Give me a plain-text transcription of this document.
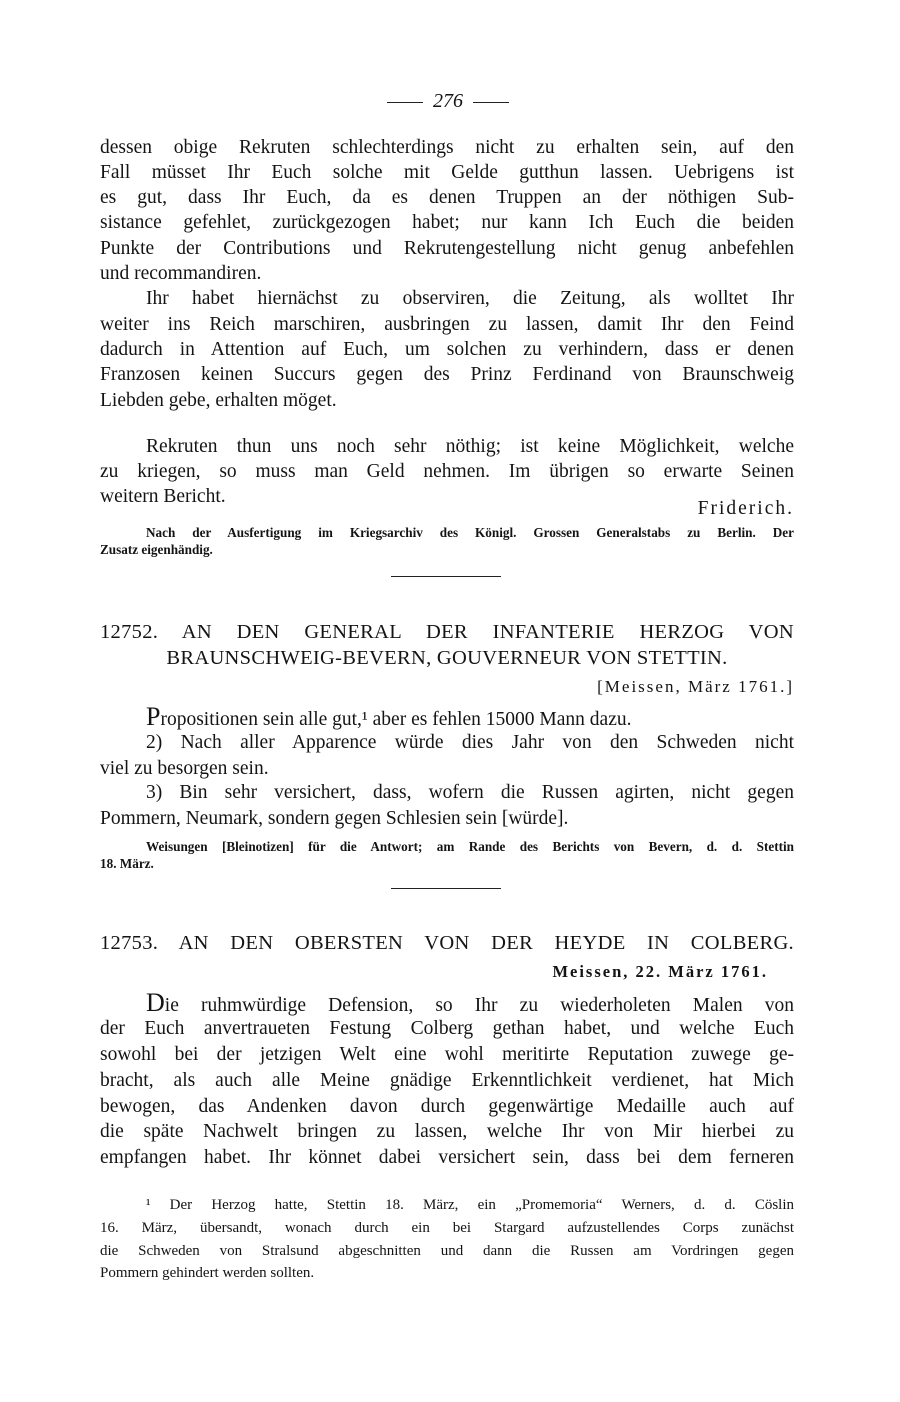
276

dessen obige Rekruten schlechterdings nicht zu erhalten sein, auf den

Fall müsset Ihr Euch solche mit Gelde gutthun lassen. Uebrigens ist

es gut, dass Ihr Euch, da es denen Truppen an der nöthigen Sub-

sistance gefehlet, zurückgezogen habet; nur kann Ich Euch die beiden

Punkte der Contributions und Rekrutengestellung nicht genug anbefehlen

und recommandiren.

Ihr habet hiernächst zu observiren, die Zeitung, als wolltet Ihr

weiter ins Reich marschiren, ausbringen zu lassen, damit Ihr den Feind

dadurch in Attention auf Euch, um solchen zu verhindern, dass er denen

Franzosen keinen Succurs gegen des Prinz Ferdinand von Braunschweig

Liebden gebe, erhalten möget.

Rekruten thun uns noch sehr nöthig; ist keine Möglichkeit, welche

zu kriegen, so muss man Geld nehmen. Im übrigen so erwarte Seinen

weitern Bericht.

Friderich.

Nach der Ausfertigung im Kriegsarchiv des Königl. Grossen Generalstabs zu Berlin. Der

Zusatz eigenhändig.

12752. AN DEN GENERAL DER INFANTERIE HERZOG VON

BRAUNSCHWEIG-BEVERN, GOUVERNEUR VON STETTIN.

[Meissen, März 1761.]

Propositionen sein alle gut,¹ aber es fehlen 15000 Mann dazu.

2) Nach aller Apparence würde dies Jahr von den Schweden nicht

viel zu besorgen sein.

3) Bin sehr versichert, dass, wofern die Russen agirten, nicht gegen

Pommern, Neumark, sondern gegen Schlesien sein [würde].

Weisungen [Bleinotizen] für die Antwort; am Rande des Berichts von Bevern, d. d. Stettin

18. März.

12753. AN DEN OBERSTEN VON DER HEYDE IN COLBERG.

Meissen, 22. März 1761.

Die ruhmwürdige Defension, so Ihr zu wiederholeten Malen von

der Euch anvertraueten Festung Colberg gethan habet, und welche Euch

sowohl bei der jetzigen Welt eine wohl meritirte Reputation zuwege ge-

bracht, als auch alle Meine gnädige Erkenntlichkeit verdienet, hat Mich

bewogen, das Andenken davon durch gegenwärtige Medaille auch auf

die späte Nachwelt bringen zu lassen, welche Ihr von Mir hierbei zu

empfangen habet. Ihr könnet dabei versichert sein, dass bei dem ferneren

¹ Der Herzog hatte, Stettin 18. März, ein „Promemoria“ Werners, d. d. Cöslin

16. März, übersandt, wonach durch ein bei Stargard aufzustellendes Corps zunächst

die Schweden von Stralsund abgeschnitten und dann die Russen am Vordringen gegen

Pommern gehindert werden sollten.
